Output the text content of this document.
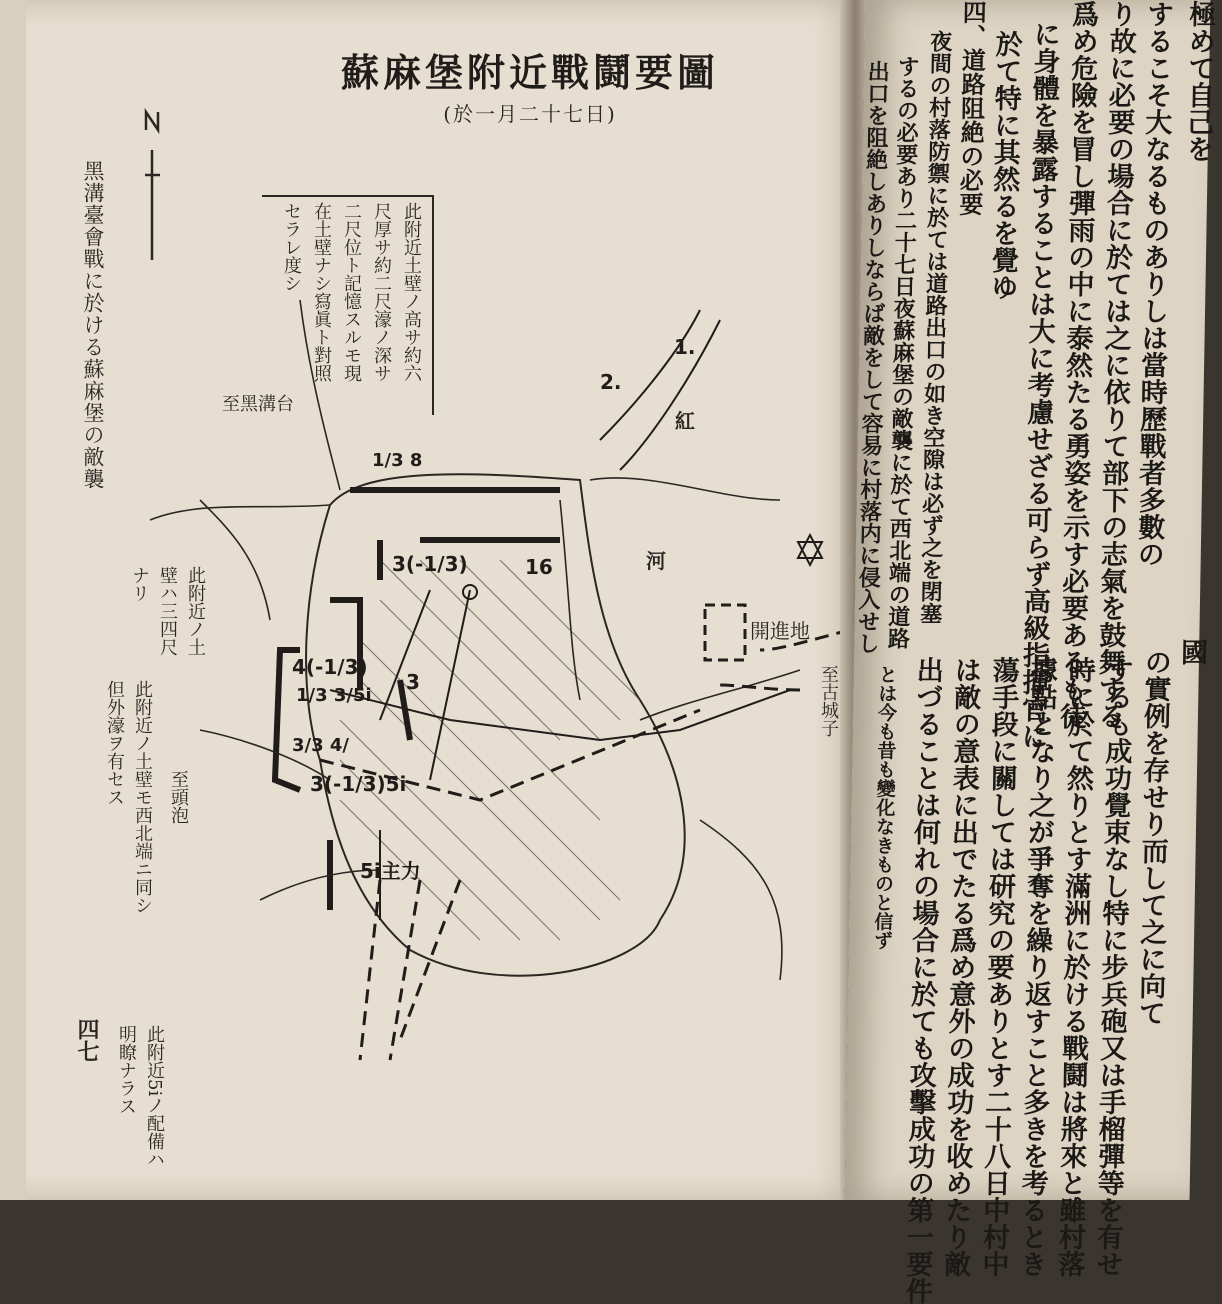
蘇麻堡附近戰鬪要圖
(於一月二十七日)
黑溝臺會戰に於ける蘇麻堡の敵襲
四七
此附近土壁ノ高サ約六
尺厚サ約二尺濠ノ深サ
二尺位ト記憶スルモ現
在土壁ナシ寫眞ト對照
セラレ度シ
此附近ノ土
壁ハ三四尺
ナリ
此附近ノ土壁モ西北端ニ同シ
但外濠ヲ有セス
此附近5iノ配備ハ
明瞭ナラス
至黑溝台
至頭泡
至古城子
開進地
紅
河
1.
2.
1/3 8
3(-1/3)	16
4(-1/3)
1/3 3/5i
3/3 4/
3
3(-1/3)5i
5i主力
極めて自己を
するこそ大なるものありしは當時歷戰者多數の
り故に必要の場合に於ては之に依りて部下の志氣を鼓舞する
爲め危險を冒し彈雨の中に泰然たる勇姿を示す必要あるも徒
に身體を暴露することは大に考慮せざる可らず高級指揮官に
於て特に其然るを覺ゆ
四、道路阻絶の必要
夜間の村落防禦に於ては道路出口の如き空隙は必ず之を閉塞
するの必要あり二十七日夜蘇麻堡の敵襲に於て西北端の道路
出口を阻絶しありしならば敵をして容易に村落内に侵入せし	國
の實例を存せり而して之に向て
するも成功覺束なし特に步兵砲又は手榴彈等を有せ
時に於て然りとす滿洲に於ける戰鬪は將來と雖村落
據點となり之が爭奪を繰り返すこと多きを考るとき
蕩手段に關しては研究の要ありとす二十八日中村中
は敵の意表に出でたる爲め意外の成功を收めたり敵
出づることは何れの場合に於ても攻擊成功の第一要件
とは今も昔も變化なきものと信ず
